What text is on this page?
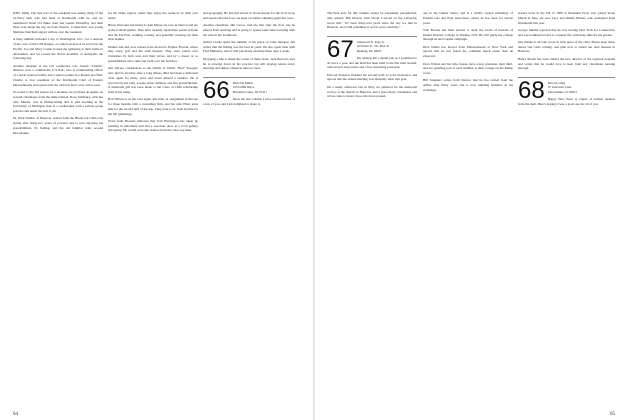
[DES 1946]. The best part of the weekend was seeing many of the ex-Navy men who had been at Dartmouth with us, and we reminisced about old times. Ken and Gussie McGuffey and their three sons made the trip up from Weston, Connecticut, and young Matthew Ketchum stayed with us over the weekend.

A busy summer included a trip to Washington, D.C., for a reunion of the crew of the USS Ranger, on which several of us served in the Pacific. Joe and Mary Comer hosted the gathering at their home in Alexandria, and we toured the Naval Academy at Annapolis the following day.

Another attendee at the CO conference was Joseph "Charlie" Dubrow, now a commander, U.S.N.R., who is commanding officer of a naval reserve facility and a senior partner in a Boston law firm. Charlie is vice president of the Dartmouth Club of Eastern Massachusetts and reports that the club has had a very active year.

To return to the fall season for a moment, he provided an update on several classmates from the mini-reunion. Rose Salisbury, with her wife Martha, was at Homecoming and is still teaching at the University of Michigan. Ken is a cardiologist with a private group practice and sends his best to all.

Dr. Dick Walker, of Hanover, retired from the Hitchcock Clinic last spring after thirty-two years of practice and is now enjoying his grandchildren, fly fishing, and the old familiar trails around Moosilauke.

for the Idaho region, where they enjoy the outdoors on their own terms.

Bruno Pernoski and friend Jo Ann Meyer are now in Sharon and are at the football games. They have recently spent three weeks in India and the Far East, walking, touring, and generally wearing out their shoe leather.

Mother and dad, now retired, have moved to Naples, Florida, where they enjoy golf and the Gulf breezes. They were joined over Christmas by both sons and their wives, and by a dozen or so grandchildren who came and went over the holidays.

Our sincere condolences to the family of Walter "Bud" Kroeger, who died in October after a long illness. Bud had been a dedicated class agent for many years and never missed a reunion. He is survived by his wife, Louise, three children, and five grandchildren. A memorial gift has been made to the Class of 1946 scholarship fund in his name.

Bob Wilson is on the road again, this time on assignment in Europe for three months with a consulting firm, and his wife Ellen joins him for the second half of the trip. They plan to be back in time for the fall gatherings.

Word from Phoenix indicates that Tom Harrington has taken up painting in retirement and had a one-man show at a local gallery last spring. He would welcome visitors from the class any time.

and geography. He has just served as Scout-master for the local troop and reports that the boys are keen on winter camping again this year.

Another classmate, Jim Cason, told me that after the river trip he retired from teaching and is going to spend some time traveling with his wife in the Southwest.

Arthur Clarke spent the summer at his place on Lake Sunapee and writes that the fishing was the best in years. He also spent time with Fred Mahoney, who is still practicing dentistry three days a week.

Dropping a line to thank the writer of these notes, Jack Barrows says he is slowing down in his practice but still playing tennis every morning and skiing whenever there is snow.

66 Rick Nat Millar
105 Puffin Drive
Brooklyn Lakes, NJ 07417

Since the last column, I have received news of a few of you, and I am delighted to share it.

The final note for this column cannot be adequately paraphrased, only quoted. Bill Gibson, with whom I served on the Lafayette, wrote this: "It's been thirty-odd years since the day we met in Hanover, and I still remember it as if it were yesterday."

67 Glenwood N. Page Jr.
103 Penn St., Dr., Box 41
Reading, PA 19605

I'm writing this column just as I promised to do twice a year, and the mail has been kind to me this time around, with several long letters and a few surprising postcards.

Elwood Peterson finished his second term as town moderator and reports that the annual meeting was blessedly short this year.

On a sunny afternoon late in May, we gathered for the memorial service at the church in Hanover, and a great many classmates and wives came to honor those who have passed.

one in the United States, and is a wholly owned subsidiary of Eastern Gas and Fuel Associates, where he has been for eleven years.

Tom Brooks has been elected to chair the board of trustees of Daniel Webster College in Nashua, N.H. He will guide the college through its next capital campaign.

Rick Waller has moved from Massachusetts to New York and reports that he has found the commute much easier than he expected.

Dave Wilson and his wife, Susan, have a new grandson, their third, and are spending part of each summer at their cottage on the Maine coast.

Bill Saunders writes from Denver that he has retired from the airline after thirty years and is now building furniture in his workshop.

started work in the fall of 1980 at Mountain Fern, who joined Stone Marsh in June, are now Lucy and Wendy Barnes, who graduated from Dartmouth this year.

George Merrill reported that he was leaving New York for Connecticut and was looking forward to a quieter life with more time for his garden.

Our thanks to all who wrote in with news of the class. Please keep those letters and cards coming, and plan now to attend our next reunion in Hanover.

Henry Marsh has been named the new director of the regional hospital and writes that he would love to hear from any classmates passing through.

68 David Loring
35 Lancaster Lane
Lincolnshire, IL 60015

Happy New Year! A couple of belated updates from the mail. Here's hoping it was a good one for all of you.

64	65
